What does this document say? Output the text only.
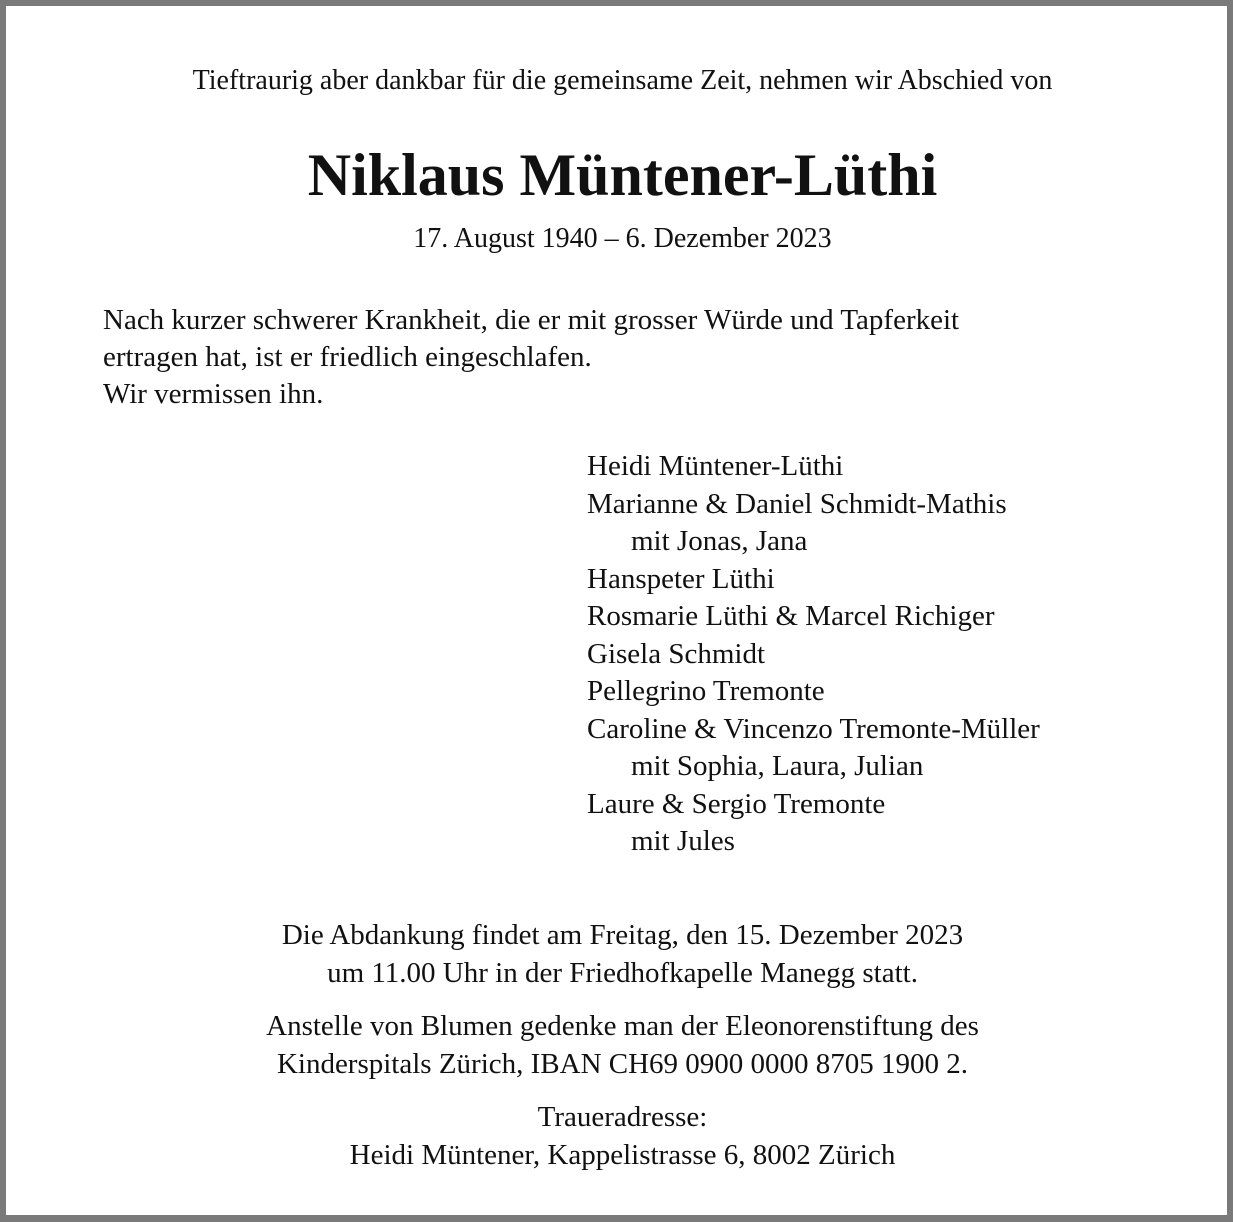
Tieftraurig aber dankbar für die gemeinsame Zeit, nehmen wir Abschied von
Niklaus Müntener-Lüthi
17. August 1940 – 6. Dezember 2023
Nach kurzer schwerer Krankheit, die er mit grosser Würde und Tapferkeit
ertragen hat, ist er friedlich eingeschlafen.
Wir vermissen ihn.
Heidi Müntener-Lüthi
Marianne & Daniel Schmidt-Mathis
mit Jonas, Jana
Hanspeter Lüthi
Rosmarie Lüthi & Marcel Richiger
Gisela Schmidt
Pellegrino Tremonte
Caroline & Vincenzo Tremonte-Müller
mit Sophia, Laura, Julian
Laure & Sergio Tremonte
mit Jules
Die Abdankung findet am Freitag, den 15. Dezember 2023
um 11.00 Uhr in der Friedhofkapelle Manegg statt.
Anstelle von Blumen gedenke man der Eleonorenstiftung des
Kinderspitals Zürich, IBAN CH69 0900 0000 8705 1900 2.
Traueradresse:
Heidi Müntener, Kappelistrasse 6, 8002 Zürich
